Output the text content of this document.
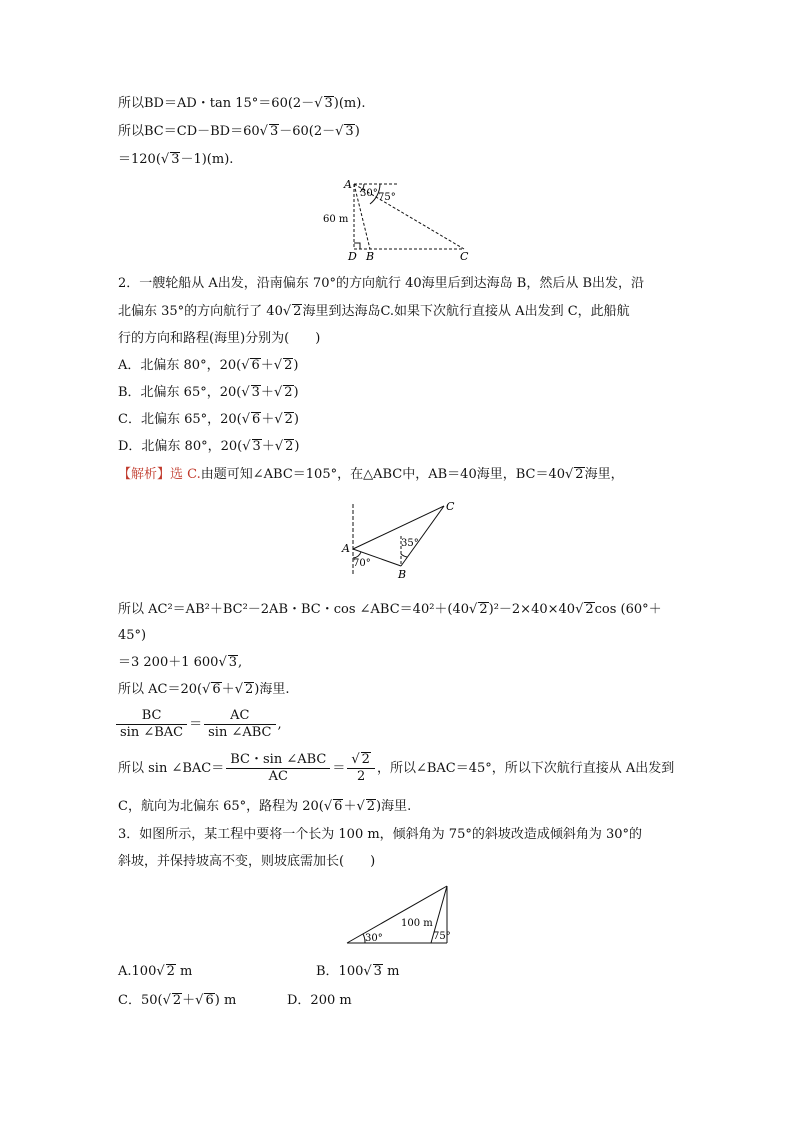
所以BD＝AD・tan 15°＝60(2－√ 3)(m).
所以BC＝CD－BD＝60√ 3－60(2－√ 3)
＝120(√ 3－1)(m).
A
30° 75°
60 m
D B	C
2．一艘轮船从 A出发，沿南偏东 70°的方向航行 40海里后到达海岛 B，然后从 B出发，沿
北偏东 35°的方向航行了 40√ 2海里到达海岛C.如果下次航行直接从 A出发到 C，此船航
行的方向和路程(海里)分别为(　　)
A．北偏东 80°，20(√ 6＋√ 2)
B．北偏东 65°，20(√ 3＋√ 2)
C．北偏东 65°，20(√ 6＋√ 2)
D．北偏东 80°，20(√ 3＋√ 2)
【解析】选 C.由题可知∠ABC＝105°，在△ABC中，AB＝40海里，BC＝40√ 2海里，
A
B
C
70°
35°
所以 AC²＝AB²＋BC²－2AB・BC・cos ∠ABC＝40²＋(40√ 2)²－2×40×40√ 2cos (60°＋
45°)
＝3 200＋1 600√ 3,
所以 AC＝20(√ 6＋√ 2)海里.
$\frac{BC}{\text{sin ∠BAC}} = \frac{AC}{\text{sin ∠ABC}}$ ,
所以 sin ∠BAC＝ $\frac{\text{BC・sin ∠ABC}}{AC} = \frac{√ 2}{2}$ ，所以∠BAC＝45°，所以下次航行直接从 A出发到
C，航向为北偏东 65°，路程为 20(√ 6＋√ 2)海里.
3．如图所示，某工程中要将一个长为 100 m，倾斜角为 75°的斜坡改造成倾斜角为 30°的
斜坡，并保持坡高不变，则坡底需加长(　　)
30°
100 m
75°
A.100√ 2 m	B．100√ 3 m
C．50(√ 2＋√ 6) m	D．200 m
